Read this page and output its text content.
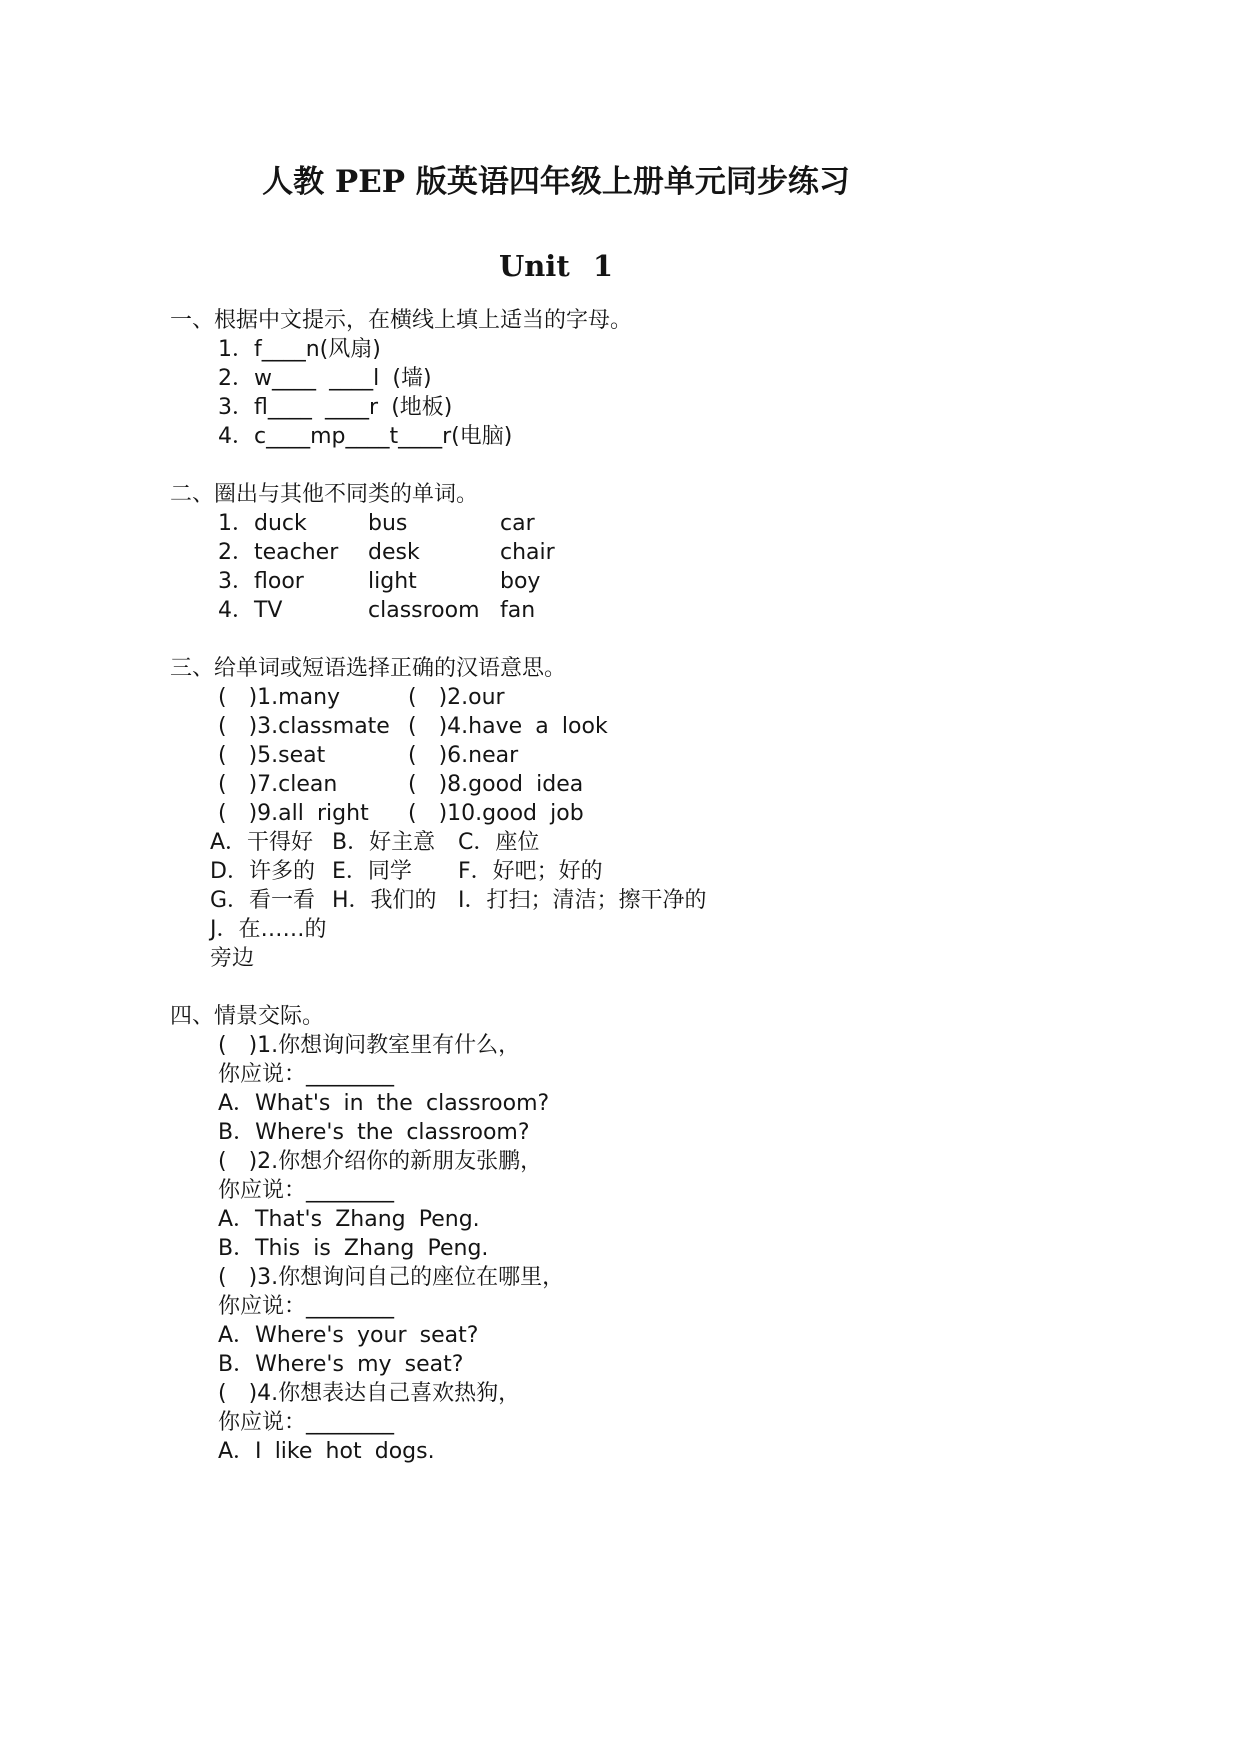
人教 PEP 版英语四年级上册单元同步练习
Unit 1
一、根据中文提示，在横线上填上适当的字母。
1．f____n(风扇)
2．w____ ____l (墙)
3．fl____ ____r (地板)
4．c____mp____t____r(电脑)
二、圈出与其他不同类的单词。
1．duck	bus	car
2．teacher	desk	chair
3．floor	light	boy
4．TV	classroom fan
三、给单词或短语选择正确的汉语意思。
(　)1.many	(　)2.our
(　)3.classmate (　)4.have a look
(　)5.seat	(　)6.near
(　)7.clean	(　)8.good idea
(　)9.all right	(　)10.good job
A．干得好 B．好主意	C．座位
D．许多的 E．同学	F．好吧；好的
G．看一看 H．我们的 I．打扫；清洁；擦干净的
J．在……的旁边
四、情景交际。
(　)1.你想询问教室里有什么，
你应说：________
A．What's in the classroom?
B．Where's the classroom?
(　)2.你想介绍你的新朋友张鹏，
你应说：________
A．That's Zhang Peng.
B．This is Zhang Peng.
(　)3.你想询问自己的座位在哪里，
你应说：________
A．Where's your seat?
B．Where's my seat?
(　)4.你想表达自己喜欢热狗，
你应说：________
A．I like hot dogs.
